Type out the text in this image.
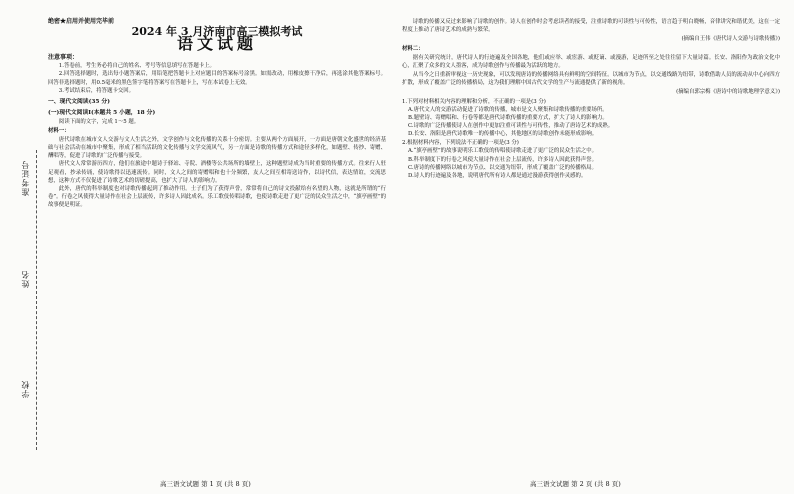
准考证号
姓名
学校
绝密★启用并使用完毕前
2024 年 3 月济南市高三模拟考试
语文试题
注意事项：

1.答卷前，考生务必将自己的姓名、考号等信息填写在答题卡上。

2.回答选择题时，选出每小题答案后，用铅笔把答题卡上对应题目的答案标号涂黑。如需改动，用橡皮擦干净后，再选涂其他答案标号。回答非选择题时，用0.5毫米的黑色签字笔将答案写在答题卡上，写在本试卷上无效。

3.考试结束后，将答题卡交回。

一、现代文阅读(35 分)
(一)现代文阅读Ⅰ(本题共 5 小题，18 分)

阅读下面的文字，完成 1～5 题。

材料一：

唐代诗歌在城市文人交游与文人生活之外，文学创作与文化传播的关系十分密切。主要从两个方面展开，一方面是唐朝文化盛世的经济基础与社会活动在城市中聚集，形成了相当活跃的文化传播与文学交流风气，另一方面是诗歌的传播方式和途径多样化，如题壁、传抄、寄赠、酬唱等，促进了诗歌的广泛传播与接受。

唐代文人常常游历四方，他们在旅途中题诗于驿站、寺院、酒楼等公共场所的墙壁上，这种题壁诗成为当时重要的传播方式。往来行人驻足观看，抄录传诵，使诗歌得以迅速流传。同时，文人之间的寄赠唱和也十分频繁，友人之间互相寄送诗作，以诗代信，表达情谊，交流思想，这种方式不仅促进了诗歌艺术的切磋提高，也扩大了诗人的影响力。

此外，唐代的科举制度也对诗歌传播起到了推动作用。士子们为了获得声誉，常常将自己的诗文投献给有名望的人物，这就是所谓的“行卷”。行卷之风使得大量诗作在社会上层流传，许多诗人因此成名。乐工歌伎传唱诗歌，也使诗歌走进了更广泛的民众生活之中，“旗亭画壁”的故事便是明证。

诗歌的传播又反过来影响了诗歌的创作。诗人在创作时会考虑读者的接受，注重诗歌的可读性与可传性，语言趋于明白晓畅，音律讲究和谐优美，这在一定程度上推动了唐诗艺术的成熟与繁荣。

(摘编自王伟《唐代诗人交游与诗歌传播》)
材料二：

据有关研究统计，唐代诗人的行迹遍及全国各地，他们或应举、或宦游、或贬谪、或漫游，足迹所至之处往往留下大量诗篇。长安、洛阳作为政治文化中心，汇聚了众多的文人墨客，成为诗歌创作与传播最为活跃的地方。

从当今之日重新审视这一历史现象，可以发现唐诗的传播网络具有鲜明的空间特征。以城市为节点，以交通线路为纽带，诗歌借助人员的流动从中心向四方扩散，形成了覆盖广泛的传播格局，这为我们理解中国古代文学的生产与流通提供了新的视角。

(摘编自郭宗梅《唐诗中的诗歌地理学意义》)
1.下列对材料相关内容的理解和分析，不正确的一项是(3 分)
A.唐代文人的交游活动促进了诗歌的传播，城市是文人聚集和诗歌传播的重要场所。
B.题壁诗、寄赠唱和、行卷等都是唐代诗歌传播的重要方式，扩大了诗人的影响力。
C.诗歌的广泛传播使诗人在创作中更加注重可读性与可传性，推动了唐诗艺术的成熟。
D.长安、洛阳是唐代诗歌唯一的传播中心，其他地区的诗歌创作未能形成影响。
2.根据材料内容，下列说法不正确的一项是(3 分)
A.“旗亭画壁”的故事说明乐工歌伎的传唱使诗歌走进了更广泛的民众生活之中。
B.科举制度下的行卷之风使大量诗作在社会上层流传，许多诗人因此获得声誉。
C.唐诗的传播网络以城市为节点、以交通为纽带，形成了覆盖广泛的传播格局。
D.诗人的行迹遍及各地，说明唐代所有诗人都是通过漫游获得创作灵感的。
高三语文试题 第 1 页 (共 8 页)	高三语文试题 第 2 页 (共 8 页)
